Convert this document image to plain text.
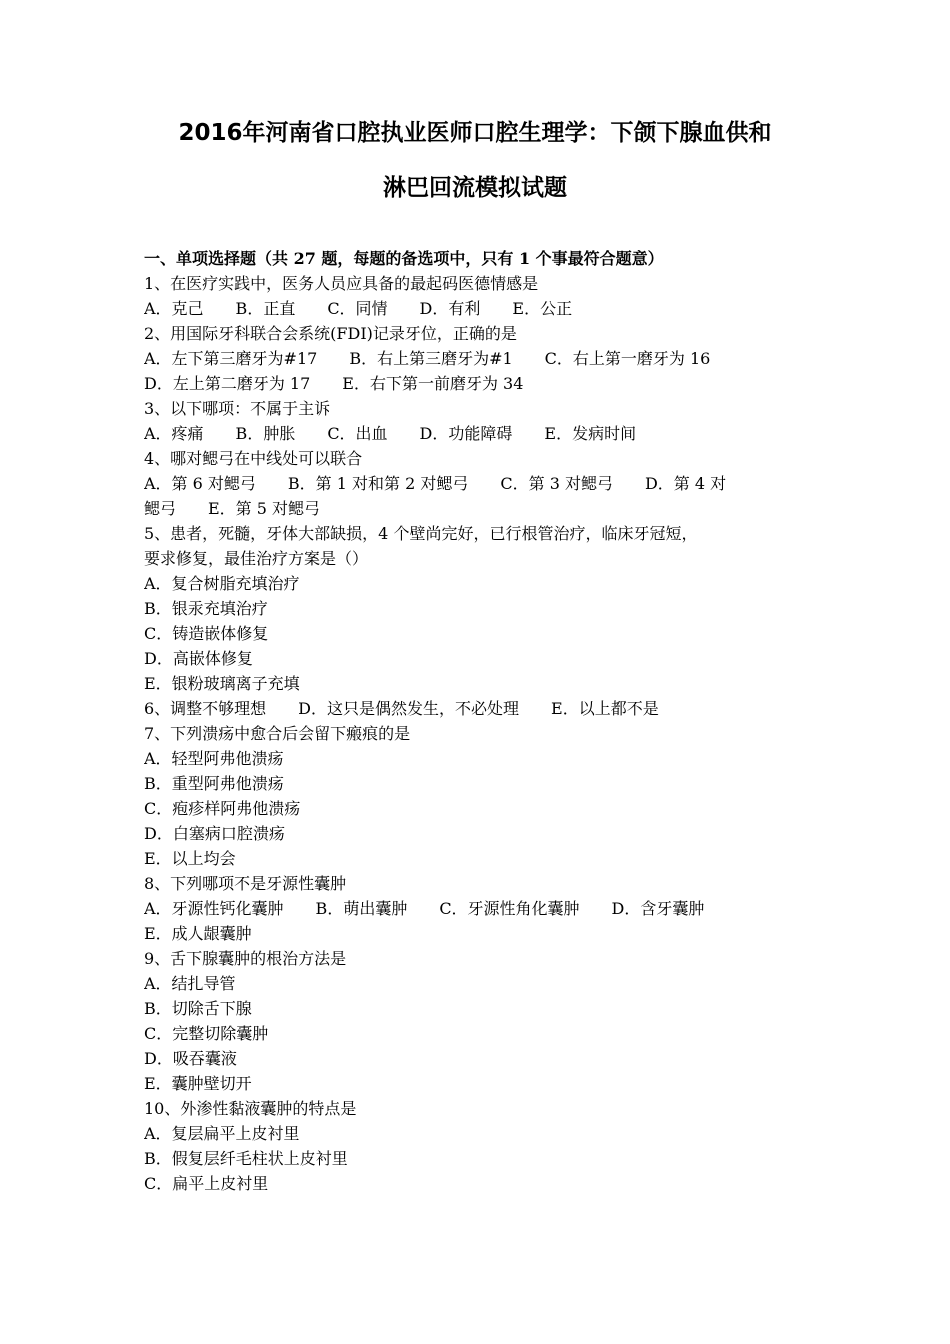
2016年河南省口腔执业医师口腔生理学：下颌下腺血供和
淋巴回流模拟试题
一、单项选择题（共 27 题，每题的备选项中，只有 1 个事最符合题意）
1、在医疗实践中，医务人员应具备的最起码医德情感是
A．克己　　B．正直　　C．同情　　D．有利　　E．公正
2、用国际牙科联合会系统(FDI)记录牙位，正确的是
A．左下第三磨牙为#17　　B．右上第三磨牙为#1　　C．右上第一磨牙为 16
D．左上第二磨牙为 17　　E．右下第一前磨牙为 34
3、以下哪项：不属于主诉
A．疼痛　　B．肿胀　　C．出血　　D．功能障碍　　E．发病时间
4、哪对鳃弓在中线处可以联合
A．第 6 对鳃弓　　B．第 1 对和第 2 对鳃弓　　C．第 3 对鳃弓　　D．第 4 对
鳃弓　　E．第 5 对鳃弓
5、患者，死髓，牙体大部缺损，4 个壁尚完好，已行根管治疗，临床牙冠短，
要求修复，最佳治疗方案是（）
A．复合树脂充填治疗
B．银汞充填治疗
C．铸造嵌体修复
D．高嵌体修复
E．银粉玻璃离子充填
6、调整不够理想　　D．这只是偶然发生，不必处理　　E．以上都不是
7、下列溃疡中愈合后会留下瘢痕的是
A．轻型阿弗他溃疡
B．重型阿弗他溃疡
C．疱疹样阿弗他溃疡
D．白塞病口腔溃疡
E．以上均会
8、下列哪项不是牙源性囊肿
A．牙源性钙化囊肿　　B．萌出囊肿　　C．牙源性角化囊肿　　D．含牙囊肿
E．成人龈囊肿
9、舌下腺囊肿的根治方法是
A．结扎导管
B．切除舌下腺
C．完整切除囊肿
D．吸吞囊液
E．囊肿壁切开
10、外渗性黏液囊肿的特点是
A．复层扁平上皮衬里
B．假复层纤毛柱状上皮衬里
C．扁平上皮衬里
